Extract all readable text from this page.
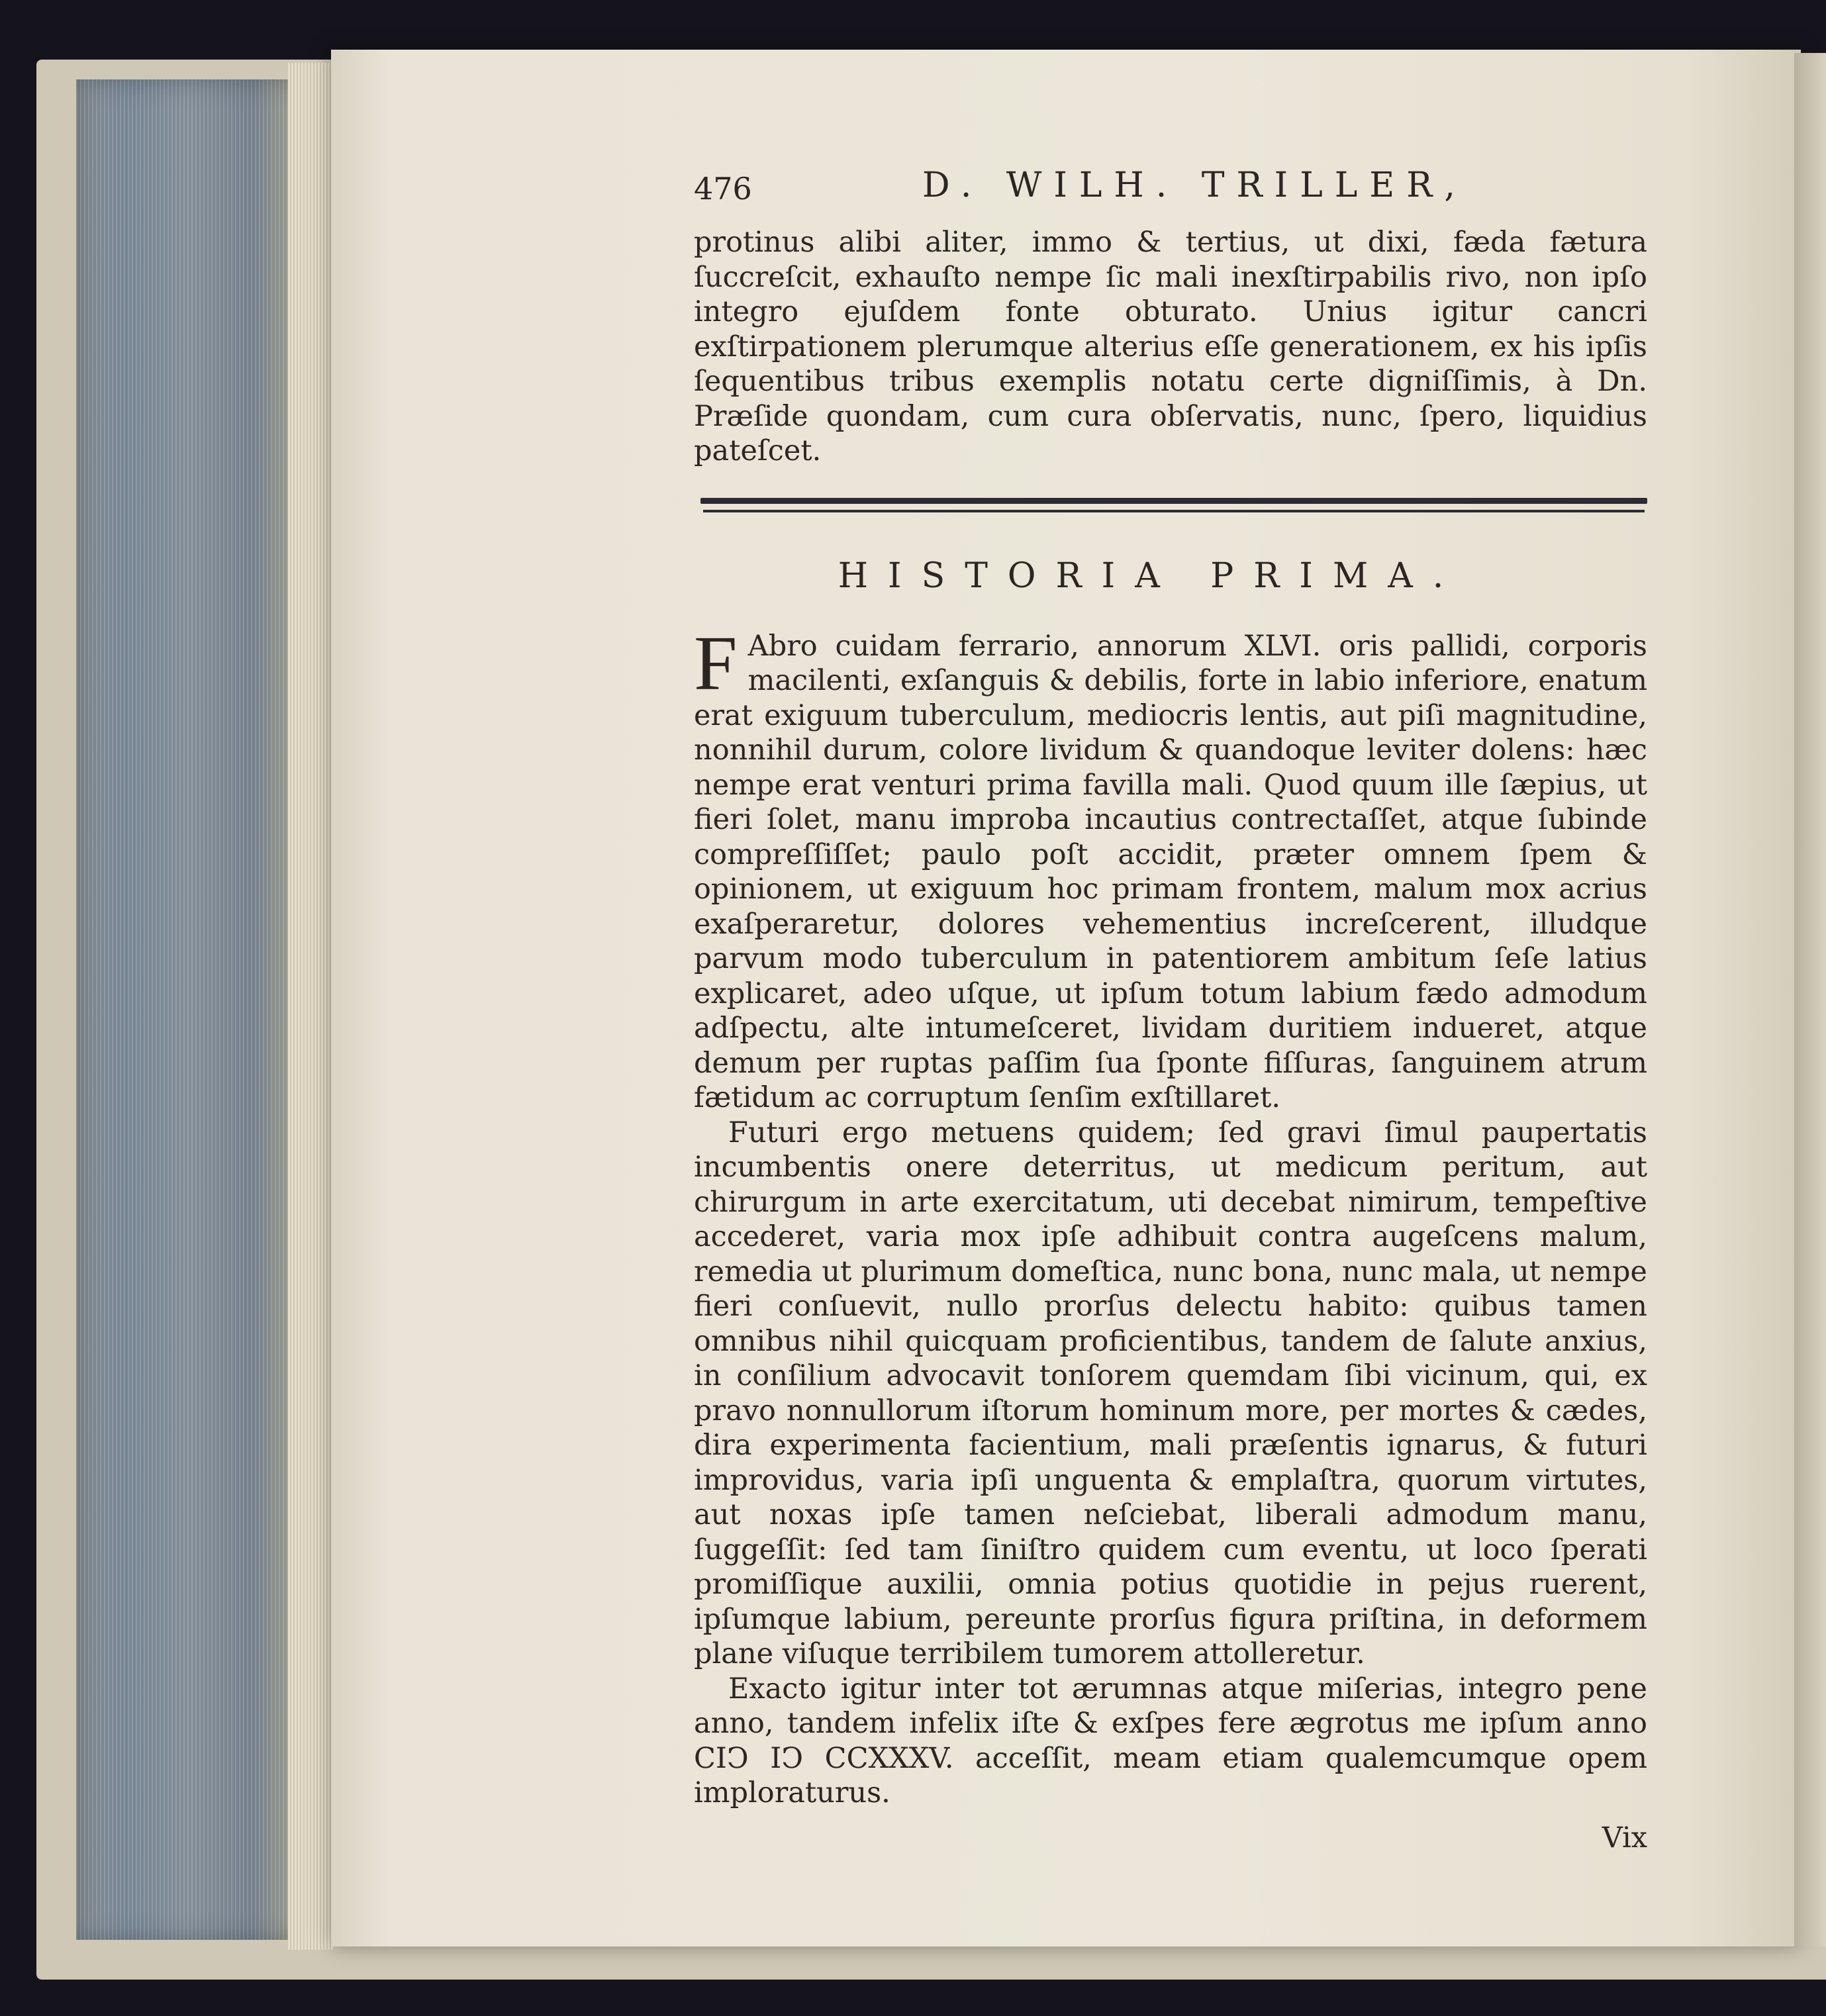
476	D. WILH. TRILLER,

protinus alibi aliter, immo & tertius, ut dixi, fæda fætura ſuccreſcit, exhauſto nempe ſic mali inexſtirpabilis rivo, non ipſo integro ejuſdem fonte obturato. Unius igitur cancri exſtirpationem plerumque alterius eſſe generationem, ex his ipſis ſequentibus tribus exemplis notatu certe digniſſimis, à Dn. Præſide quondam, cum cura obſervatis, nunc, ſpero, liquidius pateſcet.

HISTORIA PRIMA.

F Abro cuidam ferrario, annorum XLVI. oris pallidi, corporis macilenti, exſanguis & debilis, forte in labio inferiore, enatum erat exiguum tuberculum, mediocris lentis, aut piſi magnitudine, nonnihil durum, colore lividum & quandoque leviter dolens: hæc nempe erat venturi prima favilla mali. Quod quum ille ſæpius, ut fieri ſolet, manu improba incautius contrectaſſet, atque ſubinde compreſſiſſet; paulo poſt accidit, præter omnem ſpem & opinionem, ut exiguum hoc primam frontem, malum mox acrius exaſperaretur, dolores vehementius increſcerent, illudque parvum modo tuberculum in patentiorem ambitum ſeſe latius explicaret, adeo uſque, ut ipſum totum labium fædo admodum adſpectu, alte intumeſceret, lividam duritiem indueret, atque demum per ruptas paſſim ſua ſponte fiſſuras, ſanguinem atrum fætidum ac corruptum ſenſim exſtillaret.

Futuri ergo metuens quidem; ſed gravi ſimul paupertatis incumbentis onere deterritus, ut medicum peritum, aut chirurgum in arte exercitatum, uti decebat nimirum, tempeſtive accederet, varia mox ipſe adhibuit contra augeſcens malum, remedia ut plurimum domeſtica, nunc bona, nunc mala, ut nempe fieri conſuevit, nullo prorſus delectu habito: quibus tamen omnibus nihil quicquam proficientibus, tandem de ſalute anxius, in conſilium advocavit tonſorem quemdam ſibi vicinum, qui, ex pravo nonnullorum iſtorum hominum more, per mortes & cædes, dira experimenta facientium, mali præſentis ignarus, & futuri improvidus, varia ipſi unguenta & emplaſtra, quorum virtutes, aut noxas ipſe tamen neſciebat, liberali admodum manu, ſuggeſſit: ſed tam ſiniſtro quidem cum eventu, ut loco ſperati promiſſique auxilii, omnia potius quotidie in pejus ruerent, ipſumque labium, pereunte prorſus figura priſtina, in deformem plane viſuque terribilem tumorem attolleretur.

Exacto igitur inter tot ærumnas atque miſerias, integro pene anno, tandem infelix iſte & exſpes fere ægrotus me ipſum anno CIↃ IↃ CCXXXV. acceſſit, meam etiam qualemcumque opem imploraturus.

Vix
